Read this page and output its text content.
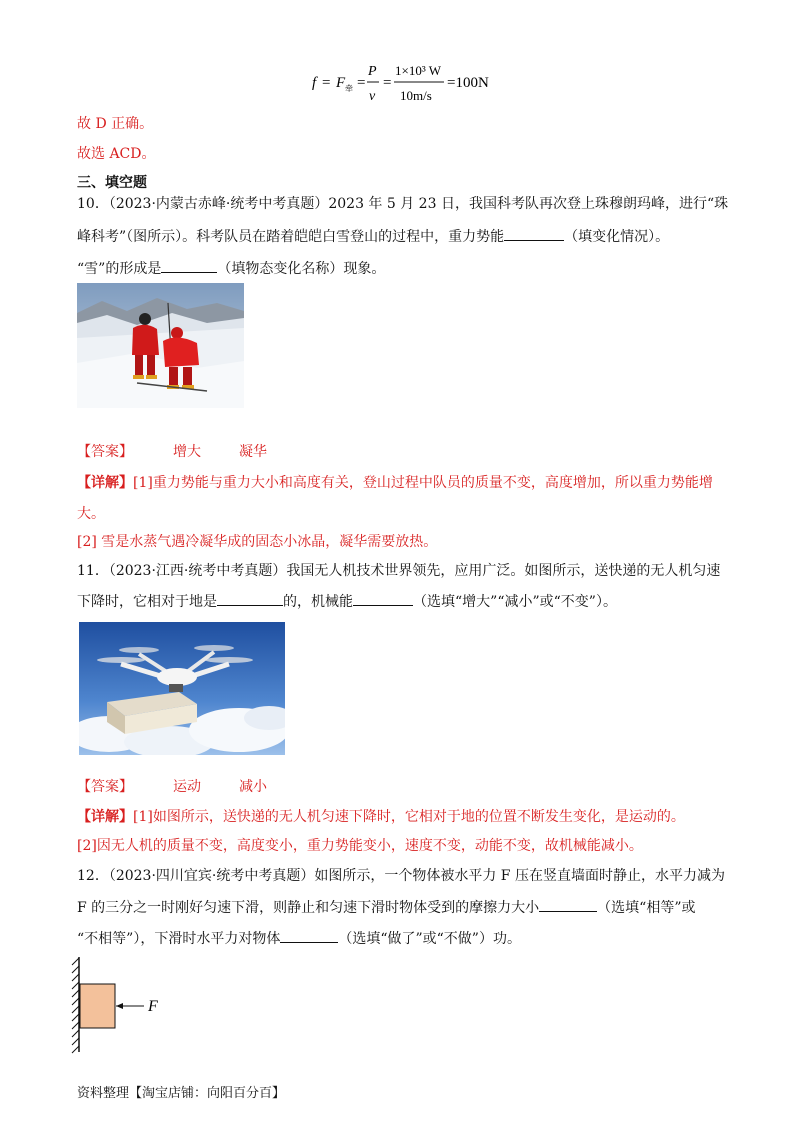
f = F 牵 =
P
v
=
1×10³ W
10m/s
=100N
故 D 正确。
故选 ACD。
三、填空题
10．（2023·内蒙古赤峰·统考中考真题）2023 年 5 月 23 日，我国科考队再次登上珠穆朗玛峰，进行“珠
峰科考”（图所示）。科考队员在踏着皑皑白雪登山的过程中，重力势能	（填变化情况）。
“雪”的形成是	（填物态变化名称）现象。
【答案】	增大	凝华
【详解】[1]重力势能与重力大小和高度有关，登山过程中队员的质量不变，高度增加，所以重力势能增
大。
[2] 雪是水蒸气遇冷凝华成的固态小冰晶，凝华需要放热。
11．（2023·江西·统考中考真题）我国无人机技术世界领先，应用广泛。如图所示，送快递的无人机匀速
下降时，它相对于地是	的，机械能	（选填“增大”“减小”或“不变”）。
【答案】	运动	减小
【详解】[1]如图所示，送快递的无人机匀速下降时，它相对于地的位置不断发生变化，是运动的。
[2]因无人机的质量不变，高度变小，重力势能变小，速度不变，动能不变，故机械能减小。
12．（2023·四川宜宾·统考中考真题）如图所示，一个物体被水平力 F 压在竖直墙面时静止，水平力减为
F 的三分之一时刚好匀速下滑，则静止和匀速下滑时物体受到的摩擦力大小	（选填“相等”或
“不相等”），下滑时水平力对物体	（选填“做了”或“不做”）功。
F
资料整理【淘宝店铺：向阳百分百】
